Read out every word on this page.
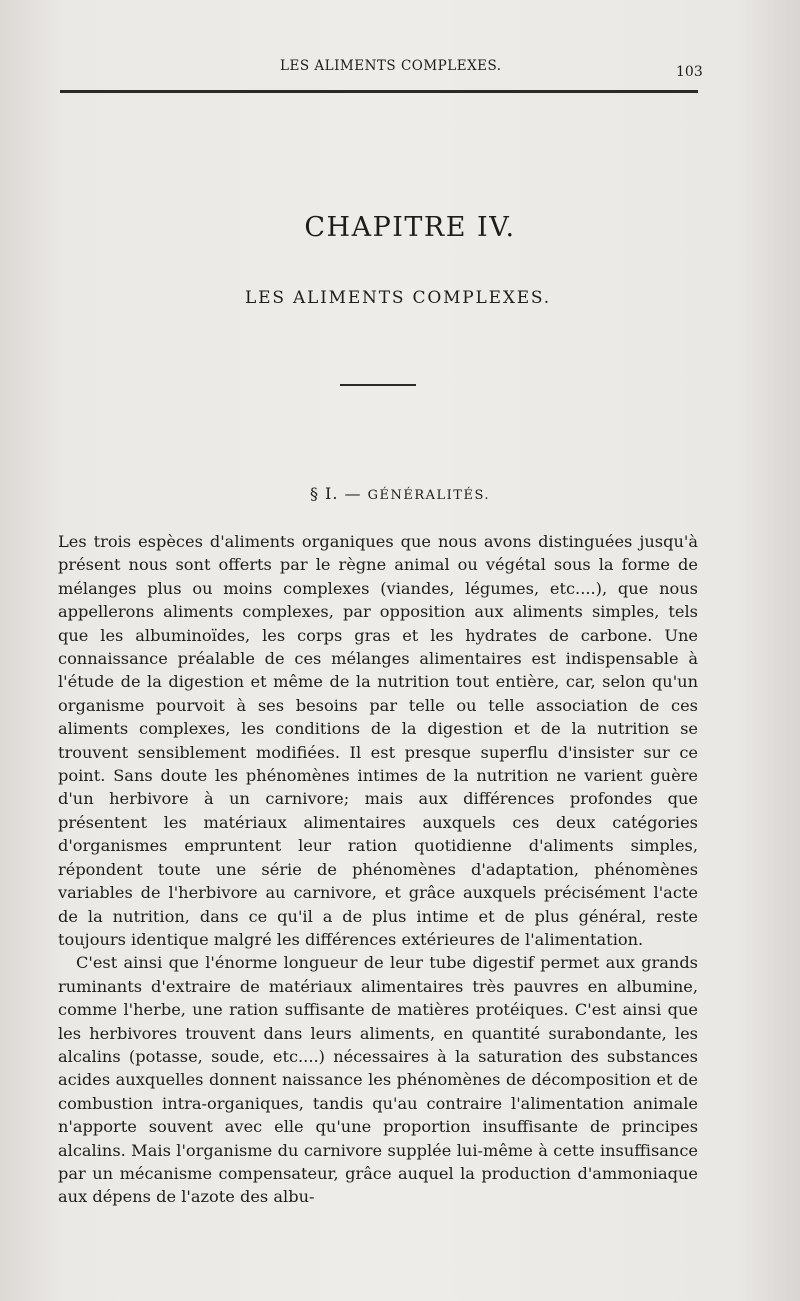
LES ALIMENTS COMPLEXES.	103
CHAPITRE IV.
LES ALIMENTS COMPLEXES.
§ I. — GÉNÉRALITÉS.

Les trois espèces d'aliments organiques que nous avons distinguées jusqu'à présent nous sont offerts par le règne animal ou végétal sous la forme de mélanges plus ou moins complexes (viandes, légumes, etc....), que nous appellerons aliments complexes, par opposition aux aliments simples, tels que les albuminoïdes, les corps gras et les hydrates de carbone. Une connaissance préalable de ces mélanges alimentaires est indispensable à l'étude de la digestion et même de la nutrition tout entière, car, selon qu'un organisme pourvoit à ses besoins par telle ou telle association de ces aliments complexes, les conditions de la digestion et de la nutrition se trouvent sensiblement modifiées. Il est presque superflu d'insister sur ce point. Sans doute les phénomènes intimes de la nutrition ne varient guère d'un herbivore à un carnivore; mais aux différences profondes que présentent les matériaux alimentaires auxquels ces deux catégories d'organismes empruntent leur ration quotidienne d'aliments simples, répondent toute une série de phénomènes d'adaptation, phénomènes variables de l'herbivore au carnivore, et grâce auxquels précisément l'acte de la nutrition, dans ce qu'il a de plus intime et de plus général, reste toujours identique malgré les différences extérieures de l'alimentation.

C'est ainsi que l'énorme longueur de leur tube digestif permet aux grands ruminants d'extraire de matériaux alimentaires très pauvres en albumine, comme l'herbe, une ration suffisante de matières protéiques. C'est ainsi que les herbivores trouvent dans leurs aliments, en quantité surabondante, les alcalins (potasse, soude, etc....) nécessaires à la saturation des substances acides auxquelles donnent naissance les phénomènes de décomposition et de combustion intra-organiques, tandis qu'au contraire l'alimentation animale n'apporte souvent avec elle qu'une proportion insuffisante de principes alcalins. Mais l'organisme du carnivore supplée lui-même à cette insuffisance par un mécanisme compensateur, grâce auquel la production d'ammoniaque aux dépens de l'azote des albu-
